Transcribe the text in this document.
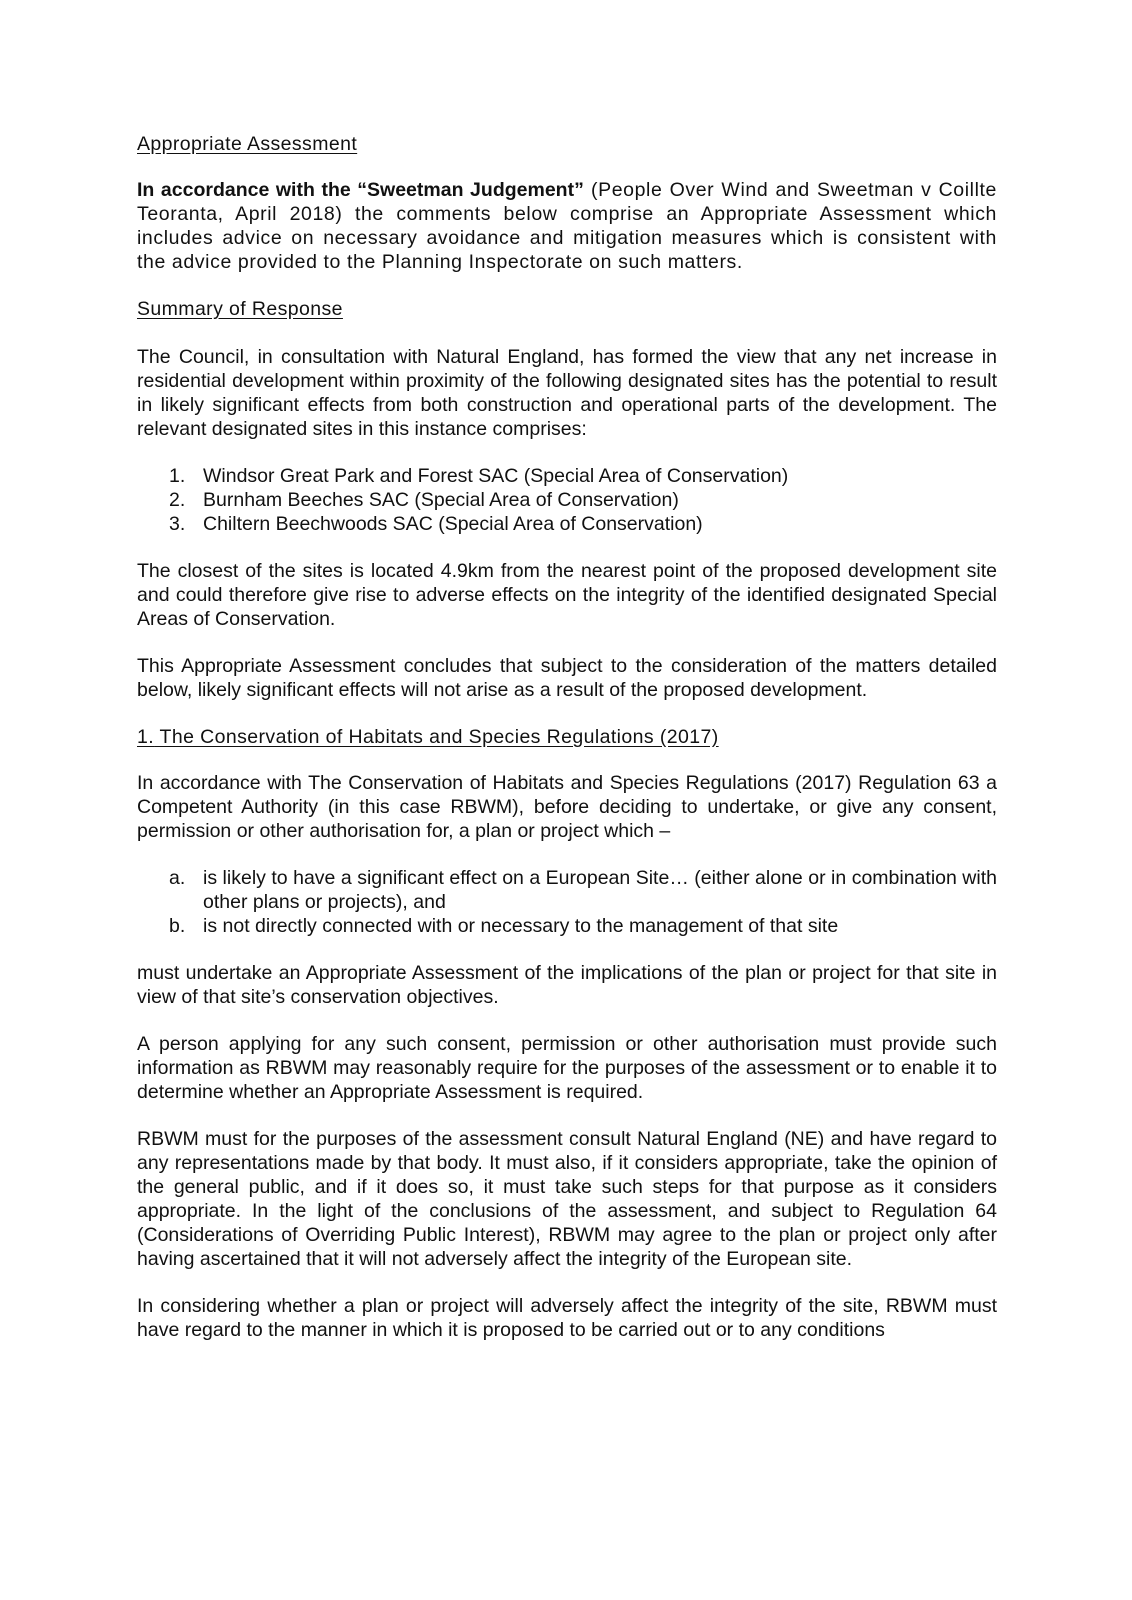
Appropriate Assessment

In accordance with the “Sweetman Judgement” (People Over Wind and Sweetman v Coillte Teoranta, April 2018) the comments below comprise an Appropriate Assessment which includes advice on necessary avoidance and mitigation measures which is consistent with the advice provided to the Planning Inspectorate on such matters.

Summary of Response

The Council, in consultation with Natural England, has formed the view that any net increase in residential development within proximity of the following designated sites has the potential to result in likely significant effects from both construction and operational parts of the development. The relevant designated sites in this instance comprises:

1. Windsor Great Park and Forest SAC (Special Area of Conservation)
2. Burnham Beeches SAC (Special Area of Conservation)
3. Chiltern Beechwoods SAC (Special Area of Conservation)

The closest of the sites is located 4.9km from the nearest point of the proposed development site and could therefore give rise to adverse effects on the integrity of the identified designated Special Areas of Conservation.

This Appropriate Assessment concludes that subject to the consideration of the matters detailed below, likely significant effects will not arise as a result of the proposed development.

1. The Conservation of Habitats and Species Regulations (2017)

In accordance with The Conservation of Habitats and Species Regulations (2017) Regulation 63 a Competent Authority (in this case RBWM), before deciding to undertake, or give any consent, permission or other authorisation for, a plan or project which –

a. is likely to have a significant effect on a European Site… (either alone or in combination with other plans or projects), and
b. is not directly connected with or necessary to the management of that site

must undertake an Appropriate Assessment of the implications of the plan or project for that site in view of that site’s conservation objectives.

A person applying for any such consent, permission or other authorisation must provide such information as RBWM may reasonably require for the purposes of the assessment or to enable it to determine whether an Appropriate Assessment is required.

RBWM must for the purposes of the assessment consult Natural England (NE) and have regard to any representations made by that body. It must also, if it considers appropriate, take the opinion of the general public, and if it does so, it must take such steps for that purpose as it considers appropriate. In the light of the conclusions of the assessment, and subject to Regulation 64 (Considerations of Overriding Public Interest), RBWM may agree to the plan or project only after having ascertained that it will not adversely affect the integrity of the European site.

In considering whether a plan or project will adversely affect the integrity of the site, RBWM must have regard to the manner in which it is proposed to be carried out or to any conditions
